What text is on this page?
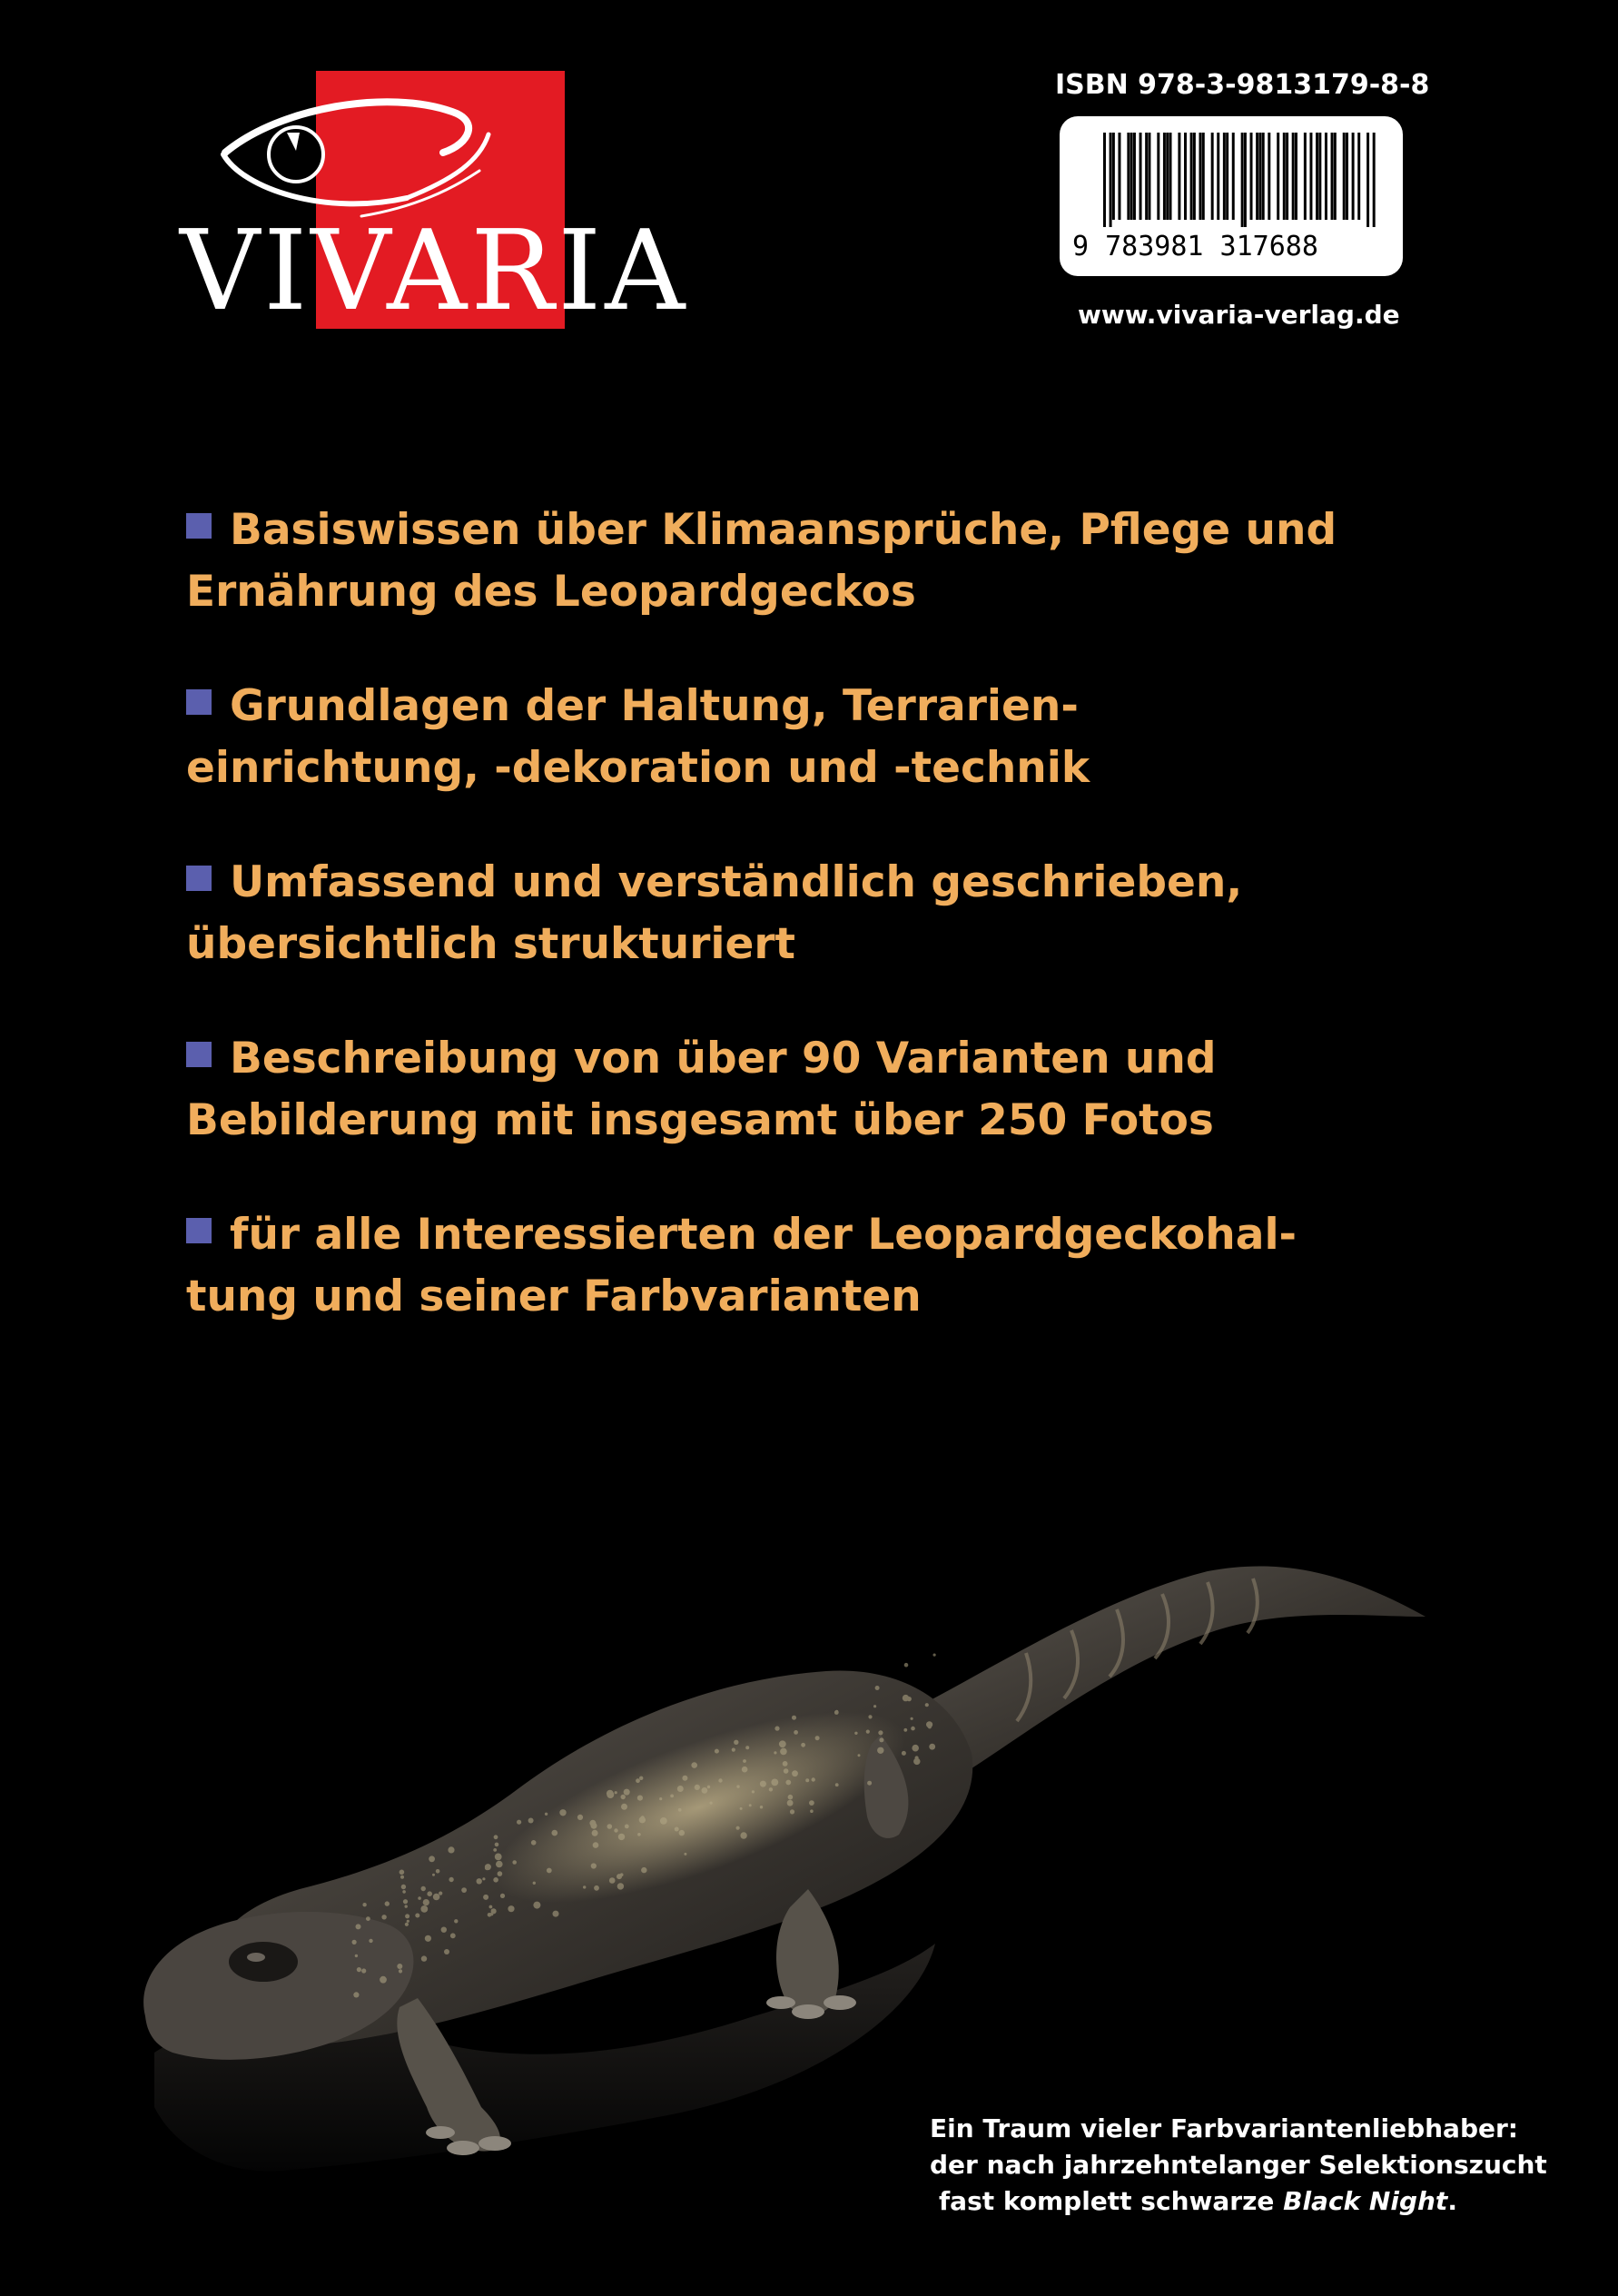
VIVARIA
ISBN 978-3-9813179-8-8
9 783981 317688
www.vivaria-verlag.de
Basiswissen über Klimaansprüche, Pflege und
Ernährung des Leopardgeckos
Grundlagen der Haltung, Terrarien-
einrichtung, -dekoration und -technik
Umfassend und verständlich geschrieben,
übersichtlich strukturiert
Beschreibung von über 90 Varianten und
Bebilderung mit insgesamt über 250 Fotos
für alle Interessierten der Leopardgeckohal-
tung und seiner Farbvarianten
Ein Traum vieler Farbvariantenliebhaber:
der nach jahrzehntelanger Selektionszucht
fast komplett schwarze Black Night.
